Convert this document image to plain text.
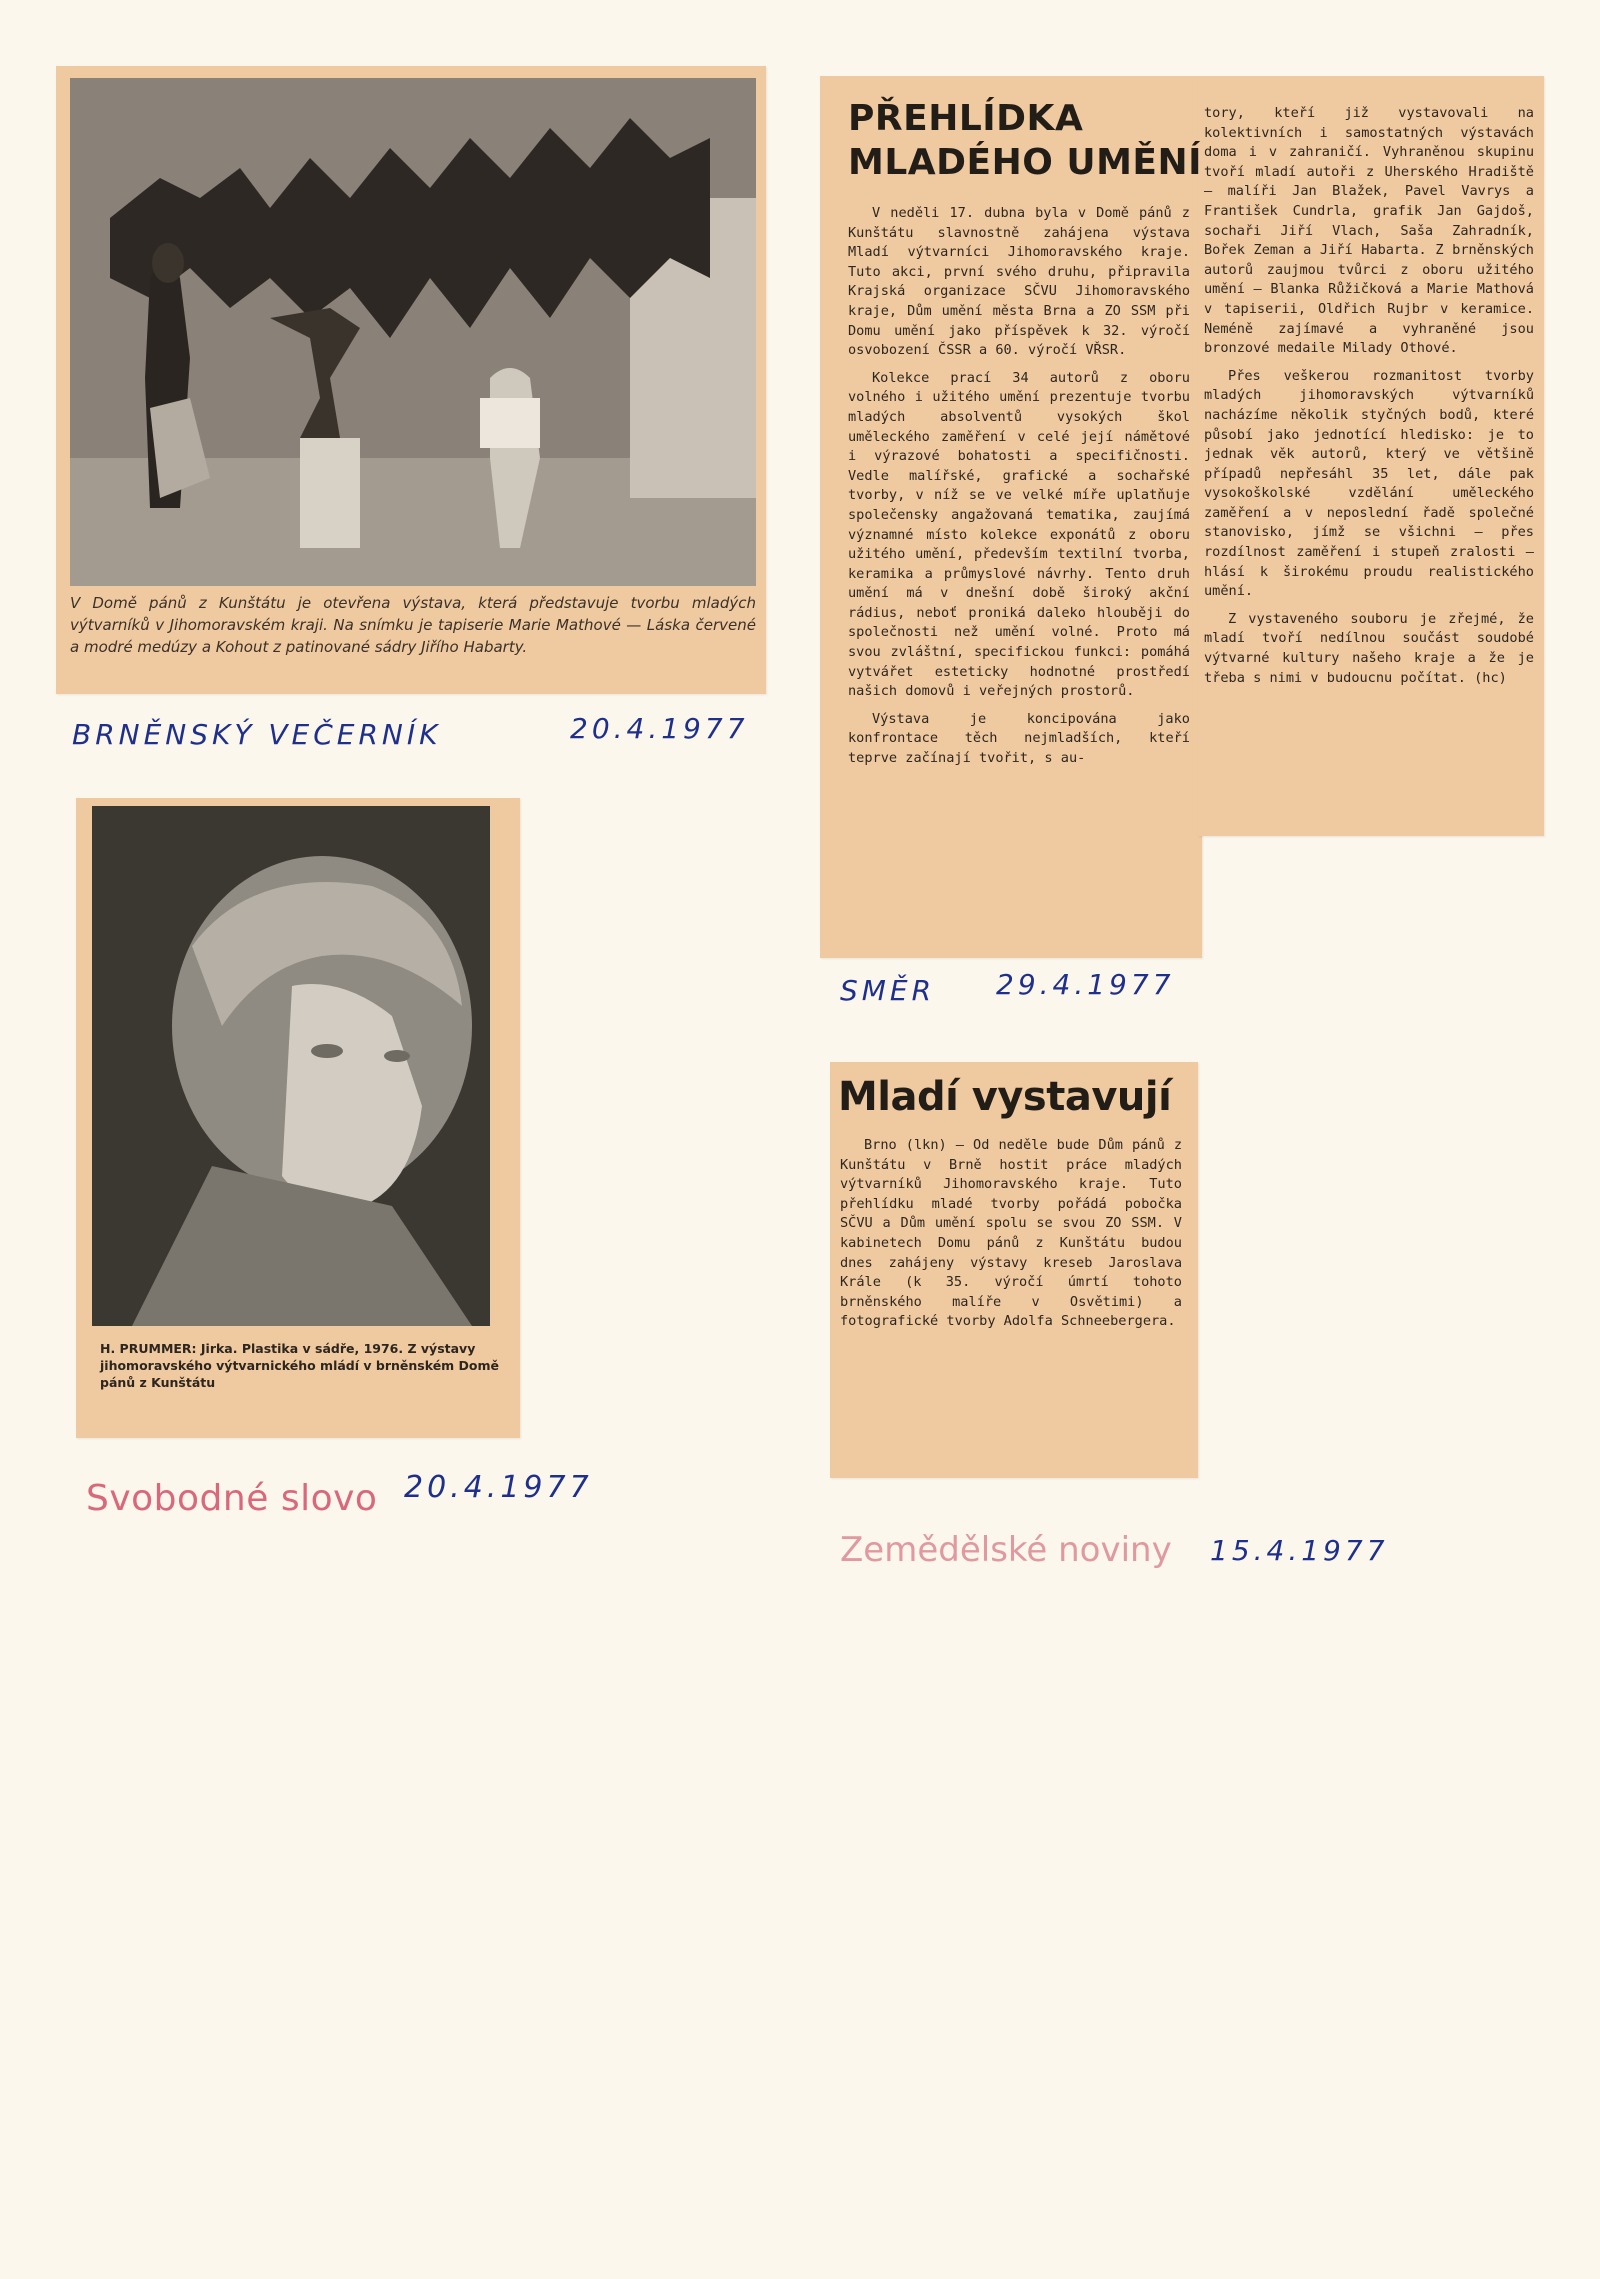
V Domě pánů z Kunštátu je otevřena výstava, která představuje tvorbu mladých výtvarníků v Jihomoravském kraji. Na snímku je tapiserie Marie Mathové — Láska červené a modré medúzy a Kohout z patinované sádry Jiřího Habarty.
BRNĚNSKÝ VEČERNÍK	20.4.1977
PŘEHLÍDKA
MLADÉHO UMĚNÍ

V neděli 17. dubna byla v Domě pánů z Kunštátu slavnostně zahájena výstava Mladí výtvarníci Jihomoravského kraje. Tuto akci, první svého druhu, připravila Krajská organizace SČVU Jihomoravského kraje, Dům umění města Brna a ZO SSM při Domu umění jako příspěvek k 32. výročí osvobození ČSSR a 60. výročí VŘSR.

Kolekce prací 34 autorů z oboru volného i užitého umění prezentuje tvorbu mladých absolventů vysokých škol uměleckého zaměření v celé její námětové i výrazové bohatosti a specifičnosti. Vedle malířské, grafické a sochařské tvorby, v níž se ve velké míře uplatňuje společensky angažovaná tematika, zaujímá významné místo kolekce exponátů z oboru užitého umění, především textilní tvorba, keramika a průmyslové návrhy. Tento druh umění má v dnešní době široký akční rádius, neboť proniká daleko hlouběji do společnosti než umění volné. Proto má svou zvláštní, specifickou funkci: pomáhá vytvářet esteticky hodnotné prostředí našich domovů i veřejných prostorů.

Výstava je koncipována jako konfrontace těch nejmladších, kteří teprve začínají tvořit, s au-

tory, kteří již vystavovali na kolektivních i samostatných výstavách doma i v zahraničí. Vyhraněnou skupinu tvoří mladí autoři z Uherského Hradiště — malíři Jan Blažek, Pavel Vavrys a František Cundrla, grafik Jan Gajdoš, sochaři Jiří Vlach, Saša Zahradník, Bořek Zeman a Jiří Habarta. Z brněnských autorů zaujmou tvůrci z oboru užitého umění — Blanka Růžičková a Marie Mathová v tapiserii, Oldřich Rujbr v keramice. Neméně zajímavé a vyhraněné jsou bronzové medaile Milady Othové.

Přes veškerou rozmanitost tvorby mladých jihomoravských výtvarníků nacházíme několik styčných bodů, které působí jako jednotící hledisko: je to jednak věk autorů, který ve většině případů nepřesáhl 35 let, dále pak vysokoškolské vzdělání uměleckého zaměření a v neposlední řadě společné stanovisko, jímž se všichni — přes rozdílnost zaměření i stupeň zralosti — hlásí k širokému proudu realistického umění.

Z vystaveného souboru je zřejmé, že mladí tvoří nedílnou součást soudobé výtvarné kultury našeho kraje a že je třeba s nimi v budoucnu počítat. (hc)

SMĚR 29.4.1977
H. PRUMMER: Jirka. Plastika v sádře, 1976. Z výstavy jihomoravského výtvarnického mládí v brněnském Domě pánů z Kunštátu
Svobodné slovo 20.4.1977
Mladí vystavují
Brno (lkn) — Od neděle bude Dům pánů z Kunštátu v Brně hostit práce mladých výtvarníků Jihomoravského kraje. Tuto přehlídku mladé tvorby pořádá pobočka SČVU a Dům umění spolu se svou ZO SSM. V kabinetech Domu pánů z Kunštátu budou dnes zahájeny výstavy kreseb Jaroslava Krále (k 35. výročí úmrtí tohoto brněnského malíře v Osvětimi) a fotografické tvorby Adolfa Schneebergera.
Zemědělské noviny 15.4.1977
